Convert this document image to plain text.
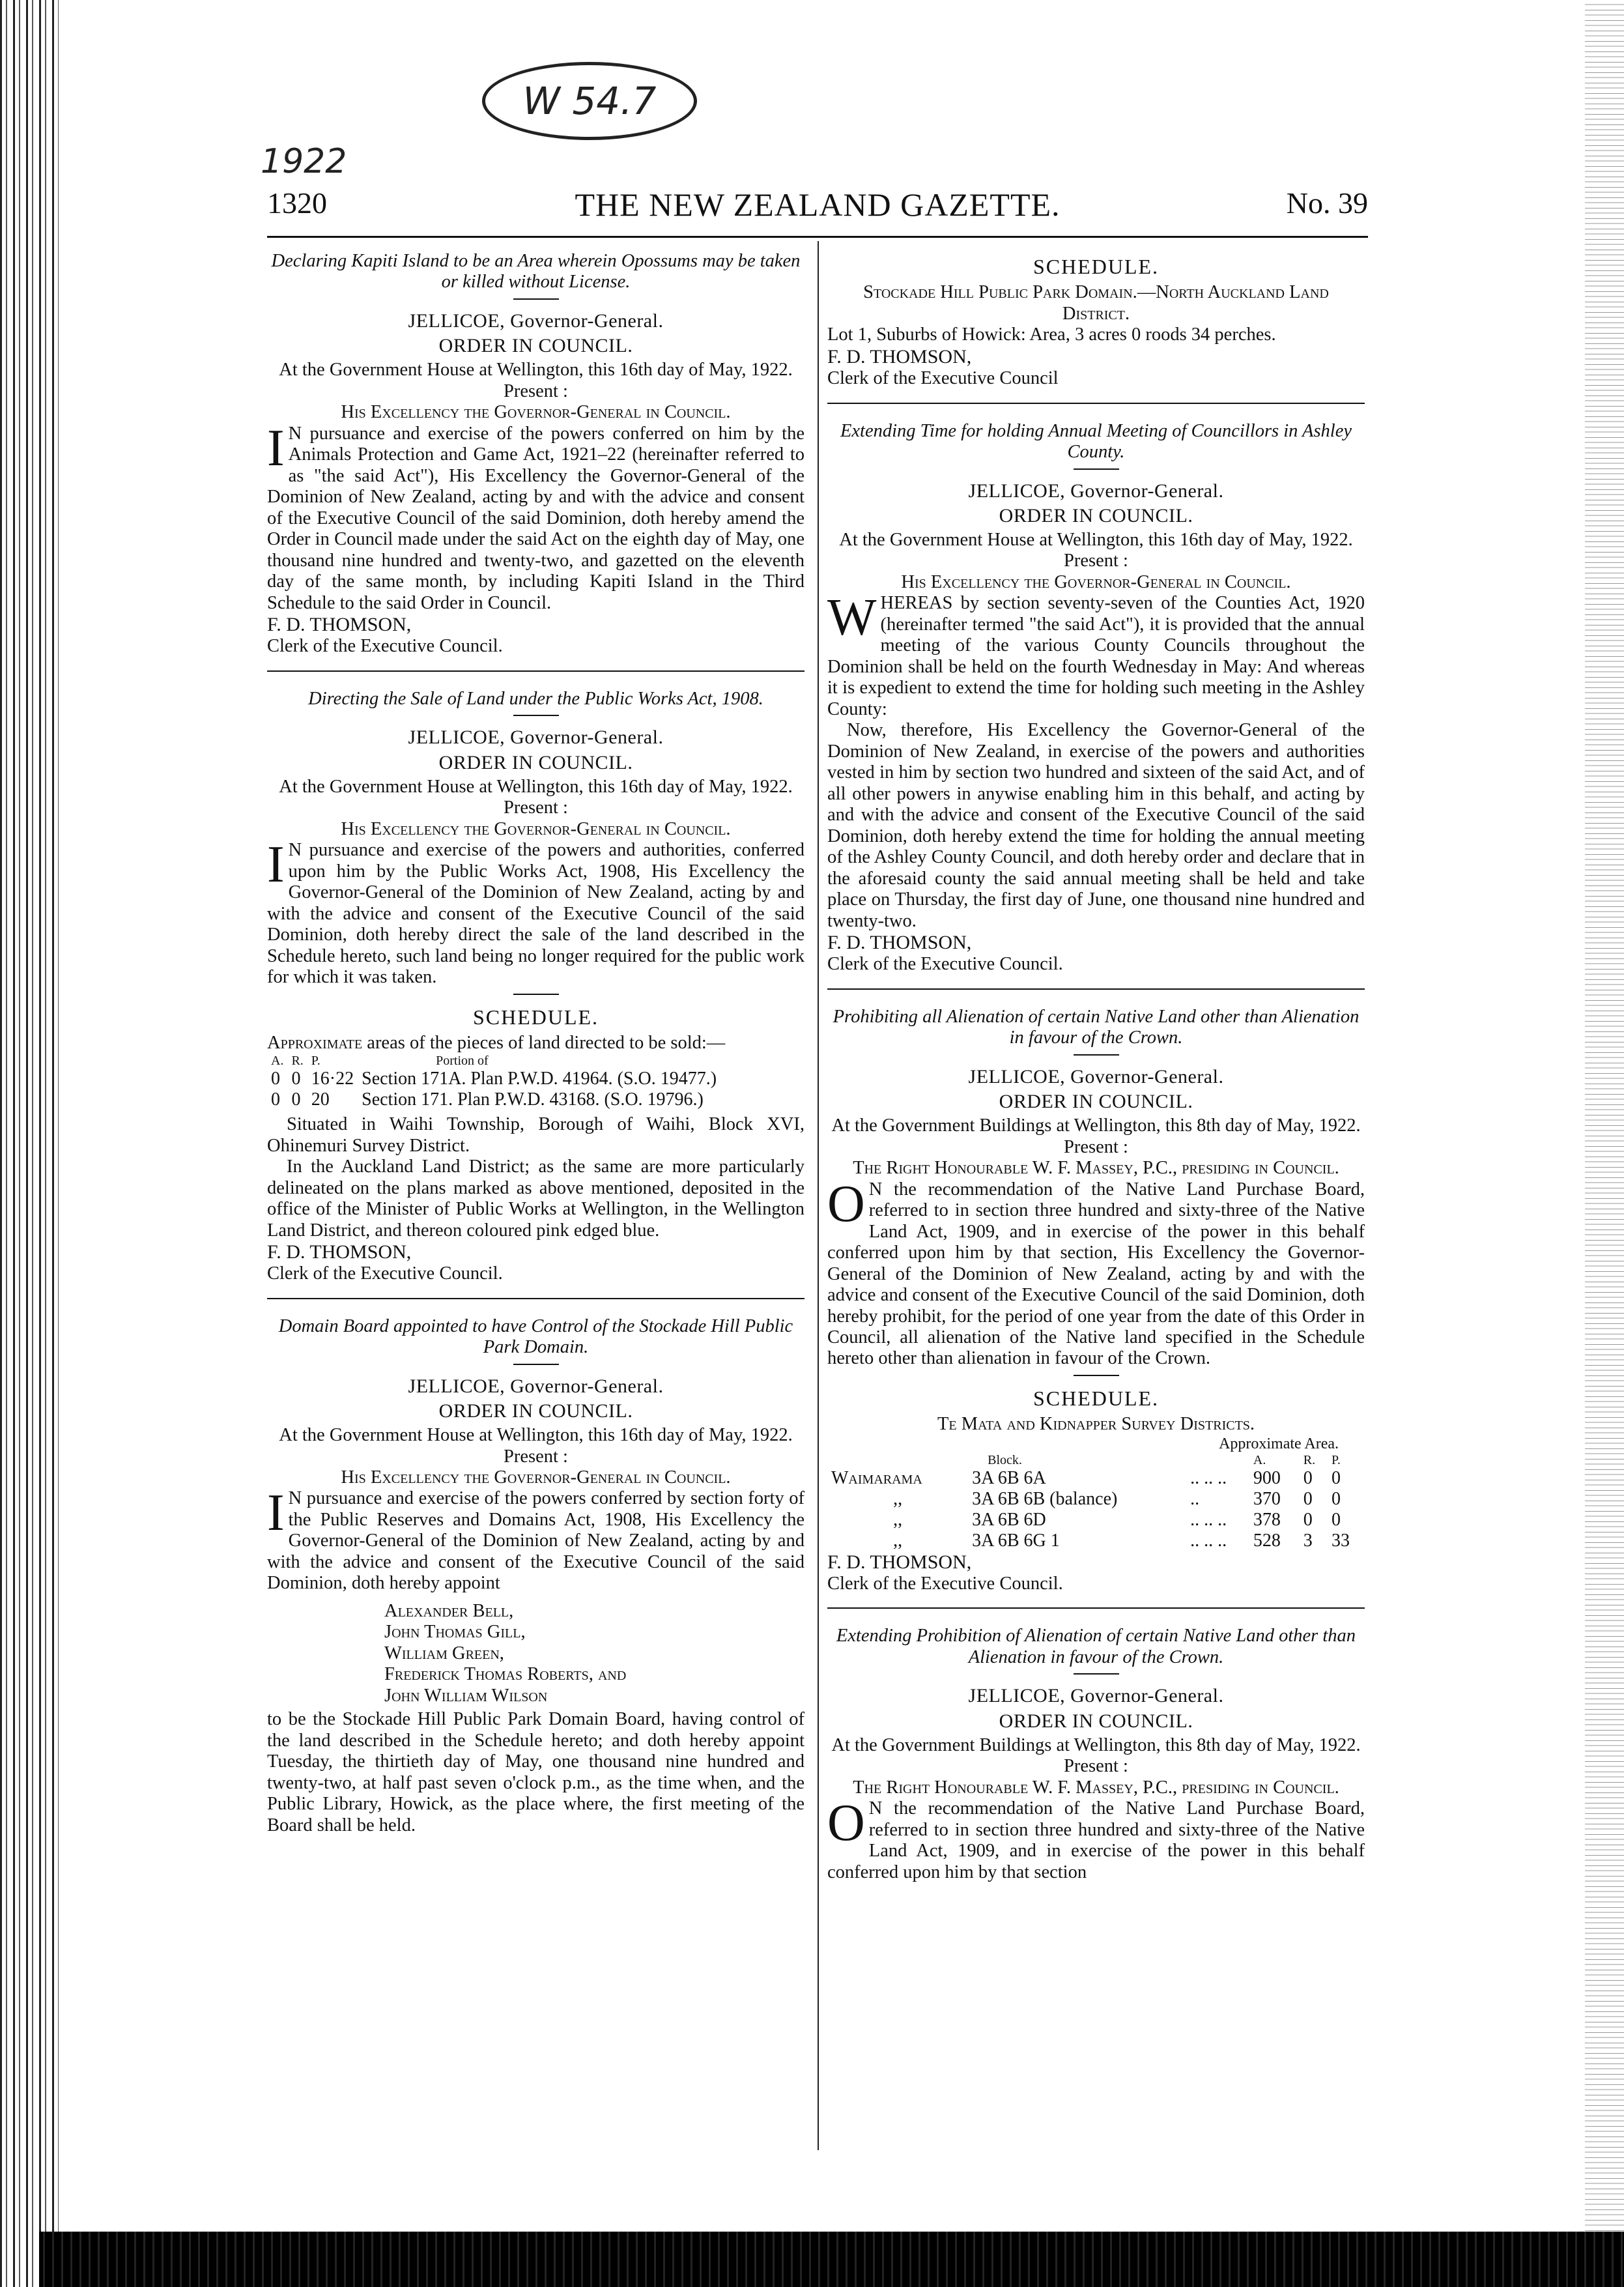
W 54.7
1922
1320	THE NEW ZEALAND GAZETTE.	No. 39

Declaring Kapiti Island to be an Area wherein Opossums may be taken or killed without License.

JELLICOE, Governor-General.

ORDER IN COUNCIL.

At the Government House at Wellington, this 16th day of May, 1922.

Present :

His Excellency the Governor-General in Council.

I N pursuance and exercise of the powers conferred on him by the Animals Protection and Game Act, 1921–22 (hereinafter referred to as "the said Act"), His Excellency the Governor-General of the Dominion of New Zealand, acting by and with the advice and consent of the Executive Council of the said Dominion, doth hereby amend the Order in Council made under the said Act on the eighth day of May, one thousand nine hundred and twenty-two, and gazetted on the eleventh day of the same month, by including Kapiti Island in the Third Schedule to the said Order in Council.

F. D. THOMSON,

Clerk of the Executive Council.

Directing the Sale of Land under the Public Works Act, 1908.

JELLICOE, Governor-General.

ORDER IN COUNCIL.

At the Government House at Wellington, this 16th day of May, 1922.

Present :

His Excellency the Governor-General in Council.

I N pursuance and exercise of the powers and authorities, conferred upon him by the Public Works Act, 1908, His Excellency the Governor-General of the Dominion of New Zealand, acting by and with the advice and consent of the Executive Council of the said Dominion, doth hereby direct the sale of the land described in the Schedule hereto, such land being no longer required for the public work for which it was taken.

SCHEDULE.

Approximate areas of the pieces of land directed to be sold:—

A.	R.	P.	Portion of
0	0	16·22	Section 171A. Plan P.W.D. 41964. (S.O. 19477.)
0	0	20	Section 171. Plan P.W.D. 43168. (S.O. 19796.)

Situated in Waihi Township, Borough of Waihi, Block XVI, Ohinemuri Survey District.

In the Auckland Land District; as the same are more particularly delineated on the plans marked as above mentioned, deposited in the office of the Minister of Public Works at Wellington, in the Wellington Land District, and thereon coloured pink edged blue.

F. D. THOMSON,

Clerk of the Executive Council.

Domain Board appointed to have Control of the Stockade Hill Public Park Domain.

JELLICOE, Governor-General.

ORDER IN COUNCIL.

At the Government House at Wellington, this 16th day of May, 1922.

Present :

His Excellency the Governor-General in Council.

I N pursuance and exercise of the powers conferred by section forty of the Public Reserves and Domains Act, 1908, His Excellency the Governor-General of the Dominion of New Zealand, acting by and with the advice and consent of the Executive Council of the said Dominion, doth hereby appoint

Alexander Bell,
John Thomas Gill,
William Green,
Frederick Thomas Roberts, and
John William Wilson

to be the Stockade Hill Public Park Domain Board, having control of the land described in the Schedule hereto; and doth hereby appoint Tuesday, the thirtieth day of May, one thousand nine hundred and twenty-two, at half past seven o'clock p.m., as the time when, and the Public Library, Howick, as the place where, the first meeting of the Board shall be held.

SCHEDULE.

Stockade Hill Public Park Domain.—North Auckland Land District.

Lot 1, Suburbs of Howick: Area, 3 acres 0 roods 34 perches.

F. D. THOMSON,

Clerk of the Executive Council

Extending Time for holding Annual Meeting of Councillors in Ashley County.

JELLICOE, Governor-General.

ORDER IN COUNCIL.

At the Government House at Wellington, this 16th day of May, 1922.

Present :

His Excellency the Governor-General in Council.

WHEREAS by section seventy-seven of the Counties Act, 1920 (hereinafter termed "the said Act"), it is provided that the annual meeting of the various County Councils throughout the Dominion shall be held on the fourth Wednesday in May: And whereas it is expedient to extend the time for holding such meeting in the Ashley County:

Now, therefore, His Excellency the Governor-General of the Dominion of New Zealand, in exercise of the powers and authorities vested in him by section two hundred and sixteen of the said Act, and of all other powers in anywise enabling him in this behalf, and acting by and with the advice and consent of the Executive Council of the said Dominion, doth hereby extend the time for holding the annual meeting of the Ashley County Council, and doth hereby order and declare that in the aforesaid county the said annual meeting shall be held and take place on Thursday, the first day of June, one thousand nine hundred and twenty-two.

F. D. THOMSON,

Clerk of the Executive Council.

Prohibiting all Alienation of certain Native Land other than Alienation in favour of the Crown.

JELLICOE, Governor-General.

ORDER IN COUNCIL.

At the Government Buildings at Wellington, this 8th day of May, 1922.

Present :

The Right Honourable W. F. Massey, P.C., presiding in Council.

O N the recommendation of the Native Land Purchase Board, referred to in section three hundred and sixty-three of the Native Land Act, 1909, and in exercise of the power in this behalf conferred upon him by that section, His Excellency the Governor-General of the Dominion of New Zealand, acting by and with the advice and consent of the Executive Council of the said Dominion, doth hereby prohibit, for the period of one year from the date of this Order in Council, all alienation of the Native land specified in the Schedule hereto other than alienation in favour of the Crown.

SCHEDULE.

Te Mata and Kidnapper Survey Districts.

Approximate Area.

	Block.		A.	R.	P.
Waimarama	3A 6B 6A	.. .. ..	900	0	0
,,	3A 6B 6B (balance)	..	370	0	0
,,	3A 6B 6D	.. .. ..	378	0	0
,,	3A 6B 6G 1	.. .. ..	528	3	33

F. D. THOMSON,

Clerk of the Executive Council.

Extending Prohibition of Alienation of certain Native Land other than Alienation in favour of the Crown.

JELLICOE, Governor-General.

ORDER IN COUNCIL.

At the Government Buildings at Wellington, this 8th day of May, 1922.

Present :

The Right Honourable W. F. Massey, P.C., presiding in Council.

O N the recommendation of the Native Land Purchase Board, referred to in section three hundred and sixty-three of the Native Land Act, 1909, and in exercise of the power in this behalf conferred upon him by that section
